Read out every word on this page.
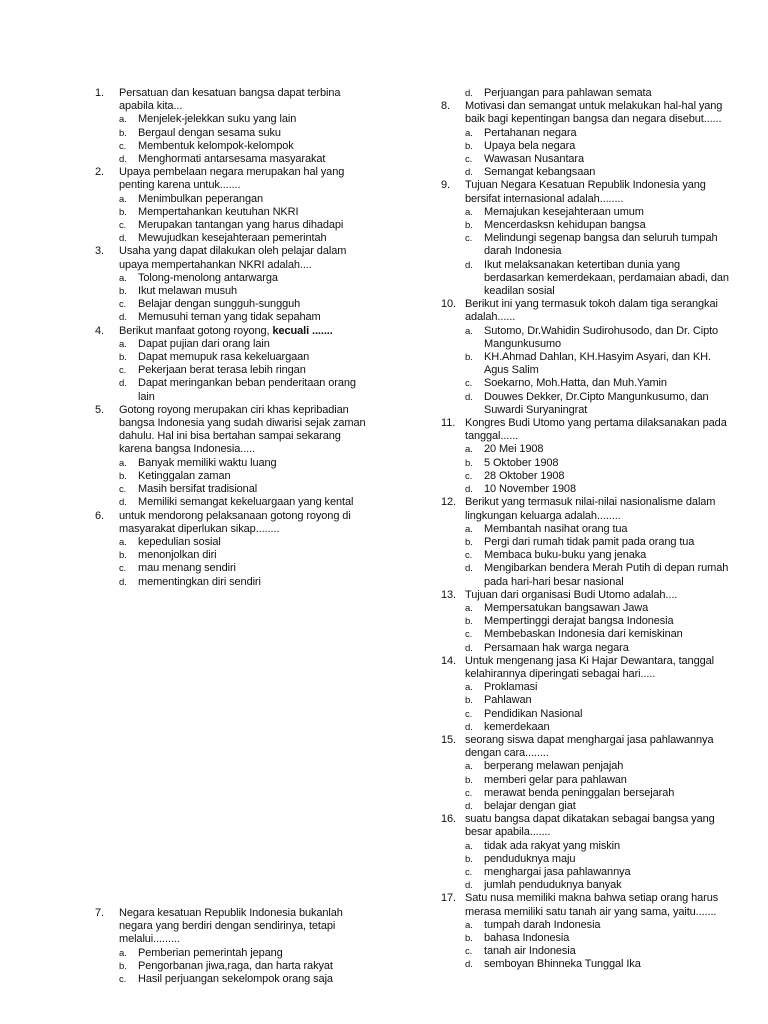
1. Persatuan dan kesatuan bangsa dapat terbina apabila kita...
a. Menjelek-jelekkan suku yang lain
b. Bergaul dengan sesama suku
c. Membentuk kelompok-kelompok
d. Menghormati antarsesama masyarakat
2. Upaya pembelaan negara merupakan hal yang penting karena untuk.......
a. Menimbulkan peperangan
b. Mempertahankan keutuhan NKRI
c. Merupakan tantangan yang harus dihadapi
d. Mewujudkan kesejahteraan pemerintah
3. Usaha yang dapat dilakukan oleh pelajar dalam upaya mempertahankan NKRI adalah....
a. Tolong-menolong antarwarga
b. Ikut melawan musuh
c. Belajar dengan sungguh-sungguh
d. Memusuhi teman yang tidak sepaham
4. Berikut manfaat gotong royong, kecuali .......
a. Dapat pujian dari orang lain
b. Dapat memupuk rasa kekeluargaan
c. Pekerjaan berat terasa lebih ringan
d. Dapat meringankan beban penderitaan orang lain
5. Gotong royong merupakan ciri khas kepribadian bangsa Indonesia yang sudah diwarisi sejak zaman dahulu. Hal ini bisa bertahan sampai sekarang karena bangsa Indonesia.....
a. Banyak memiliki waktu luang
b. Ketinggalan zaman
c. Masih bersifat tradisional
d. Memiliki semangat kekeluargaan yang kental
6. untuk mendorong pelaksanaan gotong royong di masyarakat diperlukan sikap........
a. kepedulian sosial
b. menonjolkan diri
c. mau menang sendiri
d. mementingkan diri sendiri
7. Negara kesatuan Republik Indonesia bukanlah negara yang berdiri dengan sendirinya, tetapi melalui.........
a. Pemberian pemerintah jepang
b. Pengorbanan jiwa,raga, dan harta rakyat
c. Hasil perjuangan sekelompok orang saja
d. Perjuangan para pahlawan semata
8. Motivasi dan semangat untuk melakukan hal-hal yang baik bagi kepentingan bangsa dan negara disebut......
a. Pertahanan negara
b. Upaya bela negara
c. Wawasan Nusantara
d. Semangat kebangsaan
9. Tujuan Negara Kesatuan Republik Indonesia yang bersifat internasional adalah........
a. Memajukan kesejahteraan umum
b. Mencerdasksn kehidupan bangsa
c. Melindungi segenap bangsa dan seluruh tumpah darah Indonesia
d. Ikut melaksanakan ketertiban dunia yang berdasarkan kemerdekaan, perdamaian abadi, dan keadilan sosial
10. Berikut ini yang termasuk tokoh dalam tiga serangkai adalah......
a. Sutomo, Dr.Wahidin Sudirohusodo, dan Dr. Cipto Mangunkusumo
b. KH.Ahmad Dahlan, KH.Hasyim Asyari, dan KH. Agus Salim
c. Soekarno, Moh.Hatta, dan Muh.Yamin
d. Douwes Dekker, Dr.Cipto Mangunkusumo, dan Suwardi Suryaningrat
11. Kongres Budi Utomo yang pertama dilaksanakan pada tanggal......
a. 20 Mei 1908
b. 5 Oktober 1908
c. 28 Oktober 1908
d. 10 November 1908
12. Berikut yang termasuk nilai-nilai nasionalisme dalam lingkungan keluarga adalah........
a. Membantah nasihat orang tua
b. Pergi dari rumah tidak pamit pada orang tua
c. Membaca buku-buku yang jenaka
d. Mengibarkan bendera Merah Putih di depan rumah pada hari-hari besar nasional
13. Tujuan dari organisasi Budi Utomo adalah....
a. Mempersatukan bangsawan Jawa
b. Mempertinggi derajat bangsa Indonesia
c. Membebaskan Indonesia dari kemiskinan
d. Persamaan hak warga negara
14. Untuk mengenang jasa Ki Hajar Dewantara, tanggal kelahirannya diperingati sebagai hari.....
a. Proklamasi
b. Pahlawan
c. Pendidikan Nasional
d. kemerdekaan
15. seorang siswa dapat menghargai jasa pahlawannya dengan cara........
a. berperang melawan penjajah
b. memberi gelar para pahlawan
c. merawat benda peninggalan bersejarah
d. belajar dengan giat
16. suatu bangsa dapat dikatakan sebagai bangsa yang besar apabila.......
a. tidak ada rakyat yang miskin
b. penduduknya maju
c. menghargai jasa pahlawannya
d. jumlah penduduknya banyak
17. Satu nusa memiliki makna bahwa setiap orang harus merasa memiliki satu tanah air yang sama, yaitu.......
a. tumpah darah Indonesia
b. bahasa Indonesia
c. tanah air Indonesia
d. semboyan Bhinneka Tunggal Ika
